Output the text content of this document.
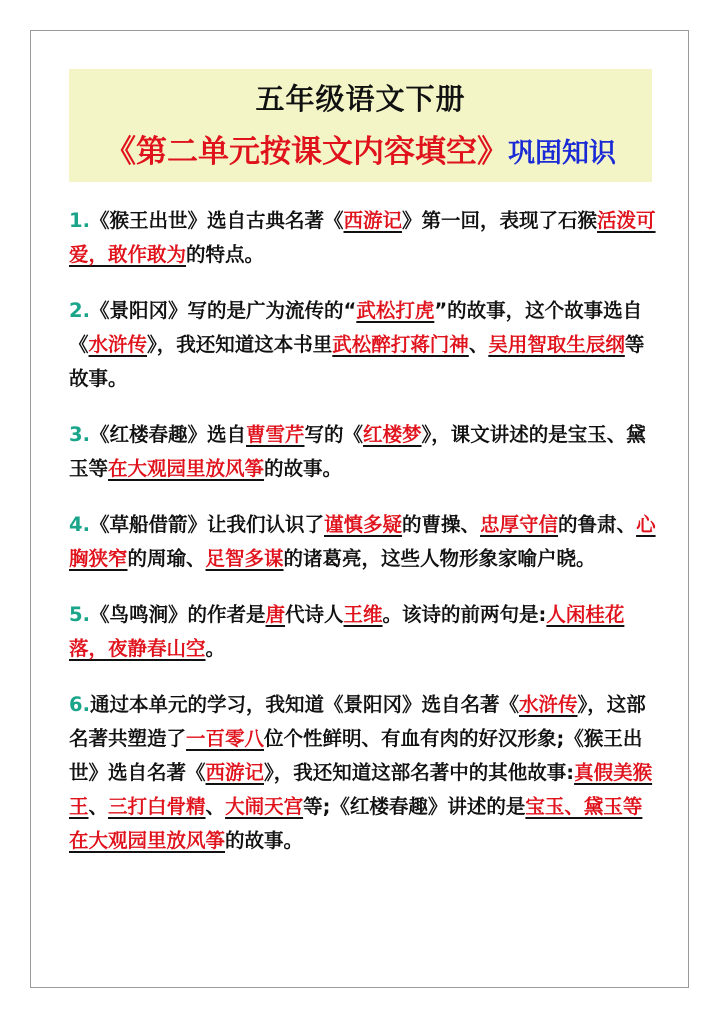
五年级语文下册
《第二单元按课文内容填空》巩固知识
1.《猴王出世》选自古典名著《西游记》第一回，表现了石猴活泼可爱，敢作敢为的特点。
2.《景阳冈》写的是广为流传的“武松打虎”的故事，这个故事选自《水浒传》，我还知道这本书里武松醉打蒋门神、吴用智取生辰纲等故事。
3.《红楼春趣》选自曹雪芹写的《红楼梦》，课文讲述的是宝玉、黛玉等在大观园里放风筝的故事。
4.《草船借箭》让我们认识了谨慎多疑的曹操、忠厚守信的鲁肃、心胸狭窄的周瑜、足智多谋的诸葛亮，这些人物形象家喻户晓。
5.《鸟鸣涧》的作者是唐代诗人王维。该诗的前两句是:人闲桂花落，夜静春山空。
6.通过本单元的学习，我知道《景阳冈》选自名著《水浒传》，这部名著共塑造了一百零八位个性鲜明、有血有肉的好汉形象;《猴王出世》选自名著《西游记》，我还知道这部名著中的其他故事:真假美猴王、三打白骨精、大闹天宫等;《红楼春趣》讲述的是宝玉、黛玉等在大观园里放风筝的故事。
